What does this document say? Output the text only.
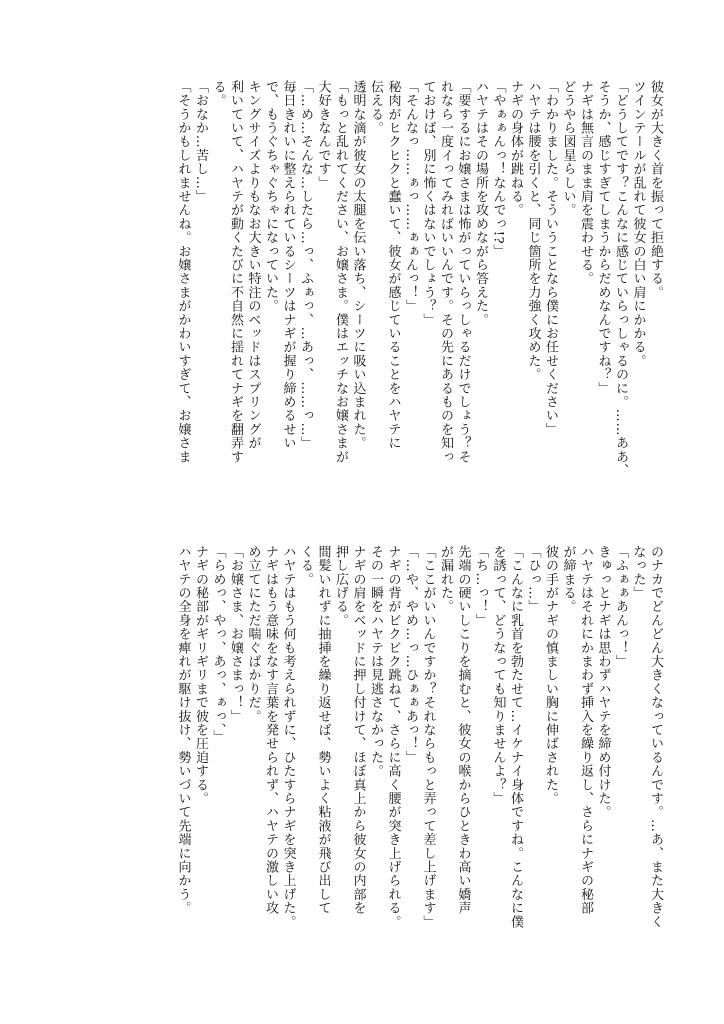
彼女が大きく首を振って拒絶する。
ツインテールが乱れて彼女の白い肩にかかる。
「どうしてです？こんなに感じていらっしゃるのに。……ああ、
そうか、感じすぎてしまうからだめなんですね？」
ナギは無言のまま肩を震わせる。
どうやら図星らしい。
「わかりました。そういうことなら僕にお任せください」
ハヤテは腰を引くと、同じ箇所を力強く攻めた。
ナギの身体が跳ねる。
「やぁぁんっ！なんでっ!?」
ハヤテはその場所を攻めながら答えた。
「要するにお嬢さまは怖がっていらっしゃるだけでしょう？そ
れなら一度イってみればいいんです。その先にあるものを知っ
ておけば、別に怖くはないでしょう？」
「そんなっ……ぁっ……ぁぁんっ！」
秘肉がヒクヒクと蠢いて、彼女が感じていることをハヤテに
伝える。
透明な滴が彼女の太腿を伝い落ち、シーツに吸い込まれた。
「もっと乱れてください、お嬢さま。僕はエッチなお嬢さまが
大好きなんです」
「…め…そんな…したら…っ、ふぁっ、…あっ、……っ…」
毎日きれいに整えられているシーツはナギが握り締めるせい
で、もうぐちゃぐちゃになっていた。
キングサイズよりもなお大きい特注のベッドはスプリングが
利いていて、ハヤテが動くたびに不自然に揺れてナギを翻弄す
る。
「おなか…苦し…」
「そうかもしれませんね。お嬢さまがかわいすぎて、お嬢さま
のナカでどんどん大きくなっているんです。…あ、また大きく
なった」
「ふぁぁあんっ！」
きゅっとナギは思わずハヤテを締め付けた。
ハヤテはそれにかまわず挿入を繰り返し、さらにナギの秘部
が締まる。
彼の手がナギの慎ましい胸に伸ばされた。
「ひっ…」
「こんなに乳首を勃たせて…イケナイ身体ですね。こんなに僕
を誘って、どうなっても知りませんよ？」
「ち…っ！」
先端の硬いしこりを摘むと、彼女の喉からひときわ高い嬌声
が漏れた。
「ここがいいんですか？それならもっと弄って差し上げます」
「…や、やめ…っ…ひぁぁあっ！」
ナギの背がビクビク跳ねて、さらに高く腰が突き上げられる。
その一瞬をハヤテは見逃さなかった。
ナギの肩をベッドに押し付けて、ほぼ真上から彼女の内部を
押し広げる。
間髪いれずに抽挿を繰り返せば、勢いよく粘液が飛び出して
くる。
ハヤテはもう何も考えられずに、ひたすらナギを突き上げた。
ナギはもう意味をなす言葉を発せられず、ハヤテの激しい攻
め立てにただ喘ぐばかりだ。
「お嬢さま、お嬢さまっ！」
「らめっ、やっ、あっ、ぁっ、」
ナギの秘部がギリギリまで彼を圧迫する。
ハヤテの全身を痺れが駆け抜け、勢いづいて先端に向かう。
